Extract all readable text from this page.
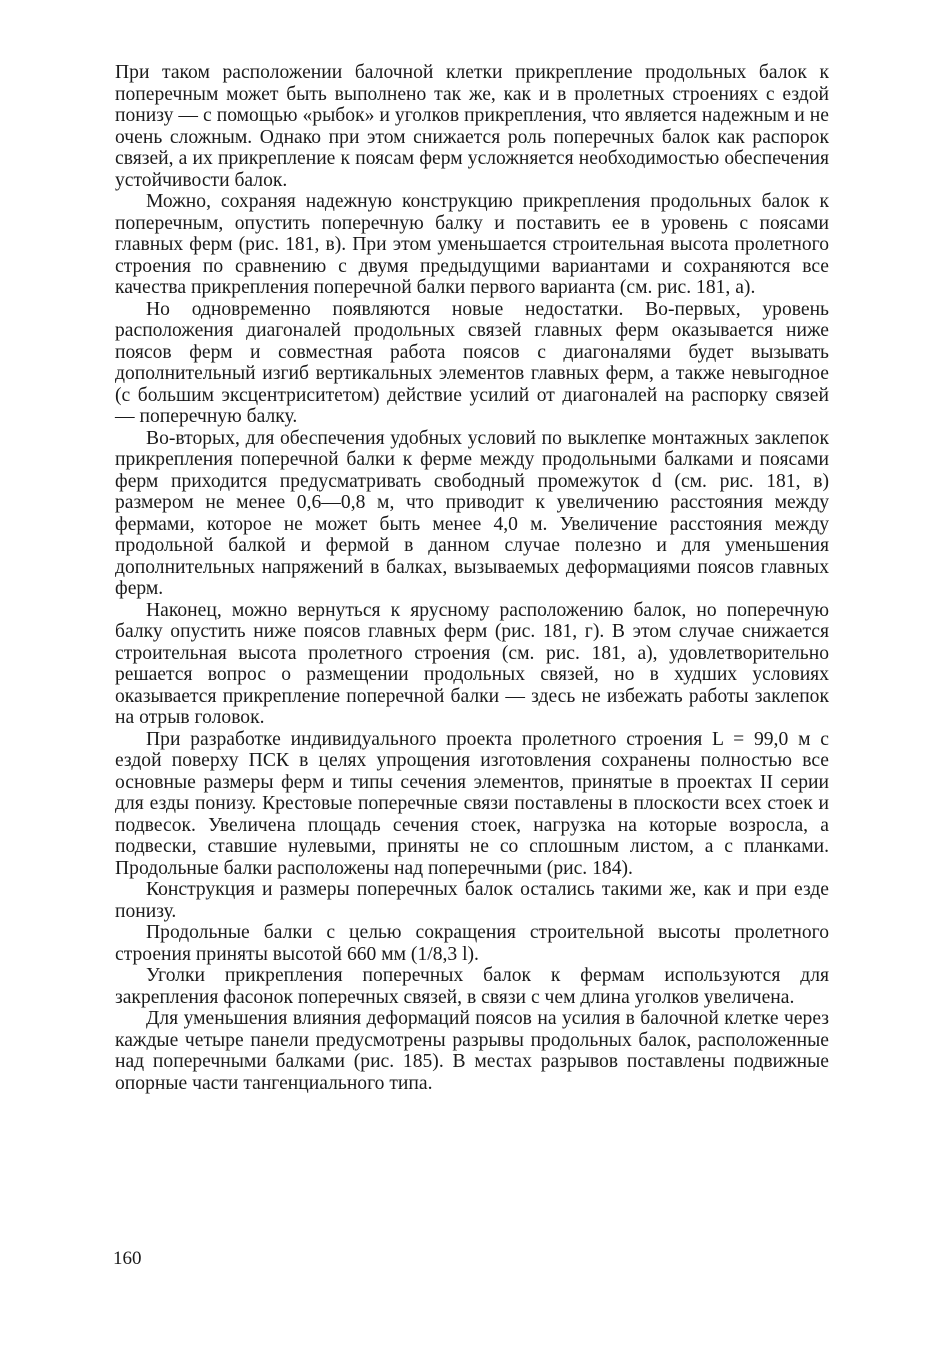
При таком расположении балочной клетки прикрепление продольных балок к поперечным может быть выполнено так же, как и в пролетных строениях с ездой понизу — с помощью «рыбок» и уголков прикрепления, что является надежным и не очень сложным. Однако при этом снижается роль поперечных балок как распорок связей, а их прикрепление к поясам ферм усложняется необходимостью обеспечения устойчивости балок.

Можно, сохраняя надежную конструкцию прикрепления продольных балок к поперечным, опустить поперечную балку и поставить ее в уровень с поясами главных ферм (рис. 181, в). При этом уменьшается строительная высота пролетного строения по сравнению с двумя предыдущими вариантами и сохраняются все качества прикрепления поперечной балки первого варианта (см. рис. 181, а).

Но одновременно появляются новые недостатки. Во-первых, уровень расположения диагоналей продольных связей главных ферм оказывается ниже поясов ферм и совместная работа поясов с диагоналями будет вызывать дополнительный изгиб вертикальных элементов главных ферм, а также невыгодное (с большим эксцентриситетом) действие усилий от диагоналей на распорку связей — поперечную балку.

Во-вторых, для обеспечения удобных условий по выклепке монтажных заклепок прикрепления поперечной балки к ферме между продольными балками и поясами ферм приходится предусматривать свободный промежуток d (см. рис. 181, в) размером не менее 0,6—0,8 м, что приводит к увеличению расстояния между фермами, которое не может быть менее 4,0 м. Увеличение расстояния между продольной балкой и фермой в данном случае полезно и для уменьшения дополнительных напряжений в балках, вызываемых деформациями поясов главных ферм.

Наконец, можно вернуться к ярусному расположению балок, но поперечную балку опустить ниже поясов главных ферм (рис. 181, г). В этом случае снижается строительная высота пролетного строения (см. рис. 181, а), удовлетворительно решается вопрос о размещении продольных связей, но в худших условиях оказывается прикрепление поперечной балки — здесь не избежать работы заклепок на отрыв головок.

При разработке индивидуального проекта пролетного строения L = 99,0 м с ездой поверху ПСК в целях упрощения изготовления сохранены полностью все основные размеры ферм и типы сечения элементов, принятые в проектах II серии для езды понизу. Крестовые поперечные связи поставлены в плоскости всех стоек и подвесок. Увеличена площадь сечения стоек, нагрузка на которые возросла, а подвески, ставшие нулевыми, приняты не со сплошным листом, а с планками. Продольные балки расположены над поперечными (рис. 184).

Конструкция и размеры поперечных балок остались такими же, как и при езде понизу.

Продольные балки с целью сокращения строительной высоты пролетного строения приняты высотой 660 мм (1/8,3 l).

Уголки прикрепления поперечных балок к фермам используются для закрепления фасонок поперечных связей, в связи с чем длина уголков увеличена.

Для уменьшения влияния деформаций поясов на усилия в балочной клетке через каждые четыре панели предусмотрены разрывы продольных балок, расположенные над поперечными балками (рис. 185). В местах разрывов поставлены подвижные опорные части тангенциального типа.

160
